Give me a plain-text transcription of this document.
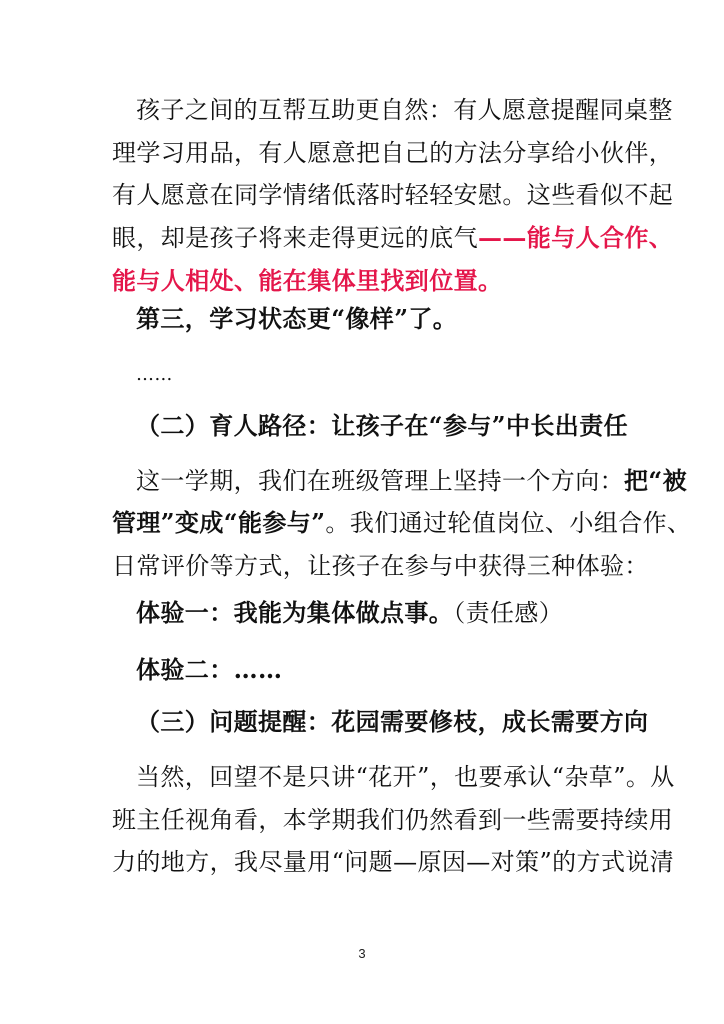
孩子之间的互帮互助更自然：有人愿意提醒同桌整
理学习用品，有人愿意把自己的方法分享给小伙伴，
有人愿意在同学情绪低落时轻轻安慰。这些看似不起
眼，却是孩子将来走得更远的底气——能与人合作、
能与人相处、能在集体里找到位置。
第三，学习状态更“像样”了。
……
（二）育人路径：让孩子在“参与”中长出责任
这一学期，我们在班级管理上坚持一个方向：把“被
管理”变成“能参与”。我们通过轮值岗位、小组合作、
日常评价等方式，让孩子在参与中获得三种体验：
体验一：我能为集体做点事。（责任感）
体验二：……
（三）问题提醒：花园需要修枝，成长需要方向
当然，回望不是只讲“花开”，也要承认“杂草”。从
班主任视角看，本学期我们仍然看到一些需要持续用
力的地方，我尽量用“问题—原因—对策”的方式说清
3
